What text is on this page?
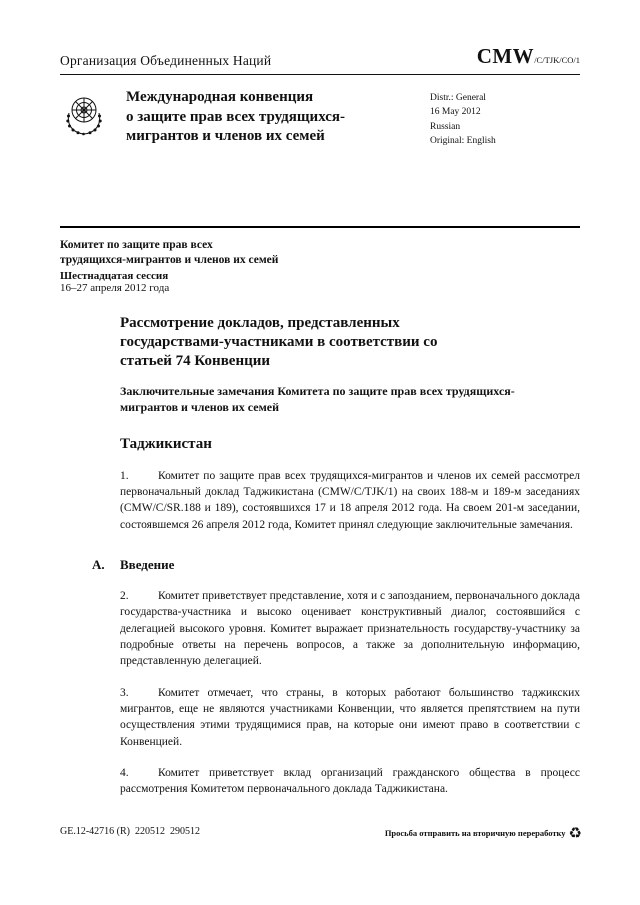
Организация Объединенных Наций	CMW /C/TJK/CO/1
Международная конвенция
о защите прав всех трудящихся-
мигрантов и членов их семей
Distr.: General
16 May 2012
Russian
Original: English
Комитет по защите прав всех
трудящихся-мигрантов и членов их семей
Шестнадцатая сессия
16–27 апреля 2012 года
Рассмотрение докладов, представленных государствами-участниками в соответствии со статьей 74 Конвенции
Заключительные замечания Комитета по защите прав всех трудящихся-мигрантов и членов их семей
Таджикистан

1.	Комитет по защите прав всех трудящихся-мигрантов и членов их семей рассмотрел первоначальный доклад Таджикистана (CMW/C/TJK/1) на своих 188-м и 189-м заседаниях (CMW/C/SR.188 и 189), состоявшихся 17 и 18 апреля 2012 года. На своем 201-м заседании, состоявшемся 26 апреля 2012 года, Комитет принял следующие заключительные замечания.

A. Введение

2.	Комитет приветствует представление, хотя и с запозданием, первоначального доклада государства-участника и высоко оценивает конструктивный диалог, состоявшийся с делегацией высокого уровня. Комитет выражает признательность государству-участнику за подробные ответы на перечень вопросов, а также за дополнительную информацию, представленную делегацией.

3.	Комитет отмечает, что страны, в которых работают большинство таджикских мигрантов, еще не являются участниками Конвенции, что является препятствием на пути осуществления этими трудящимися прав, на которые они имеют право в соответствии с Конвенцией.

4.	Комитет приветствует вклад организаций гражданского общества в процесс рассмотрения Комитетом первоначального доклада Таджикистана.

GE.12-42716 (R)  220512  290512	Просьба отправить на вторичную переработку ♻
